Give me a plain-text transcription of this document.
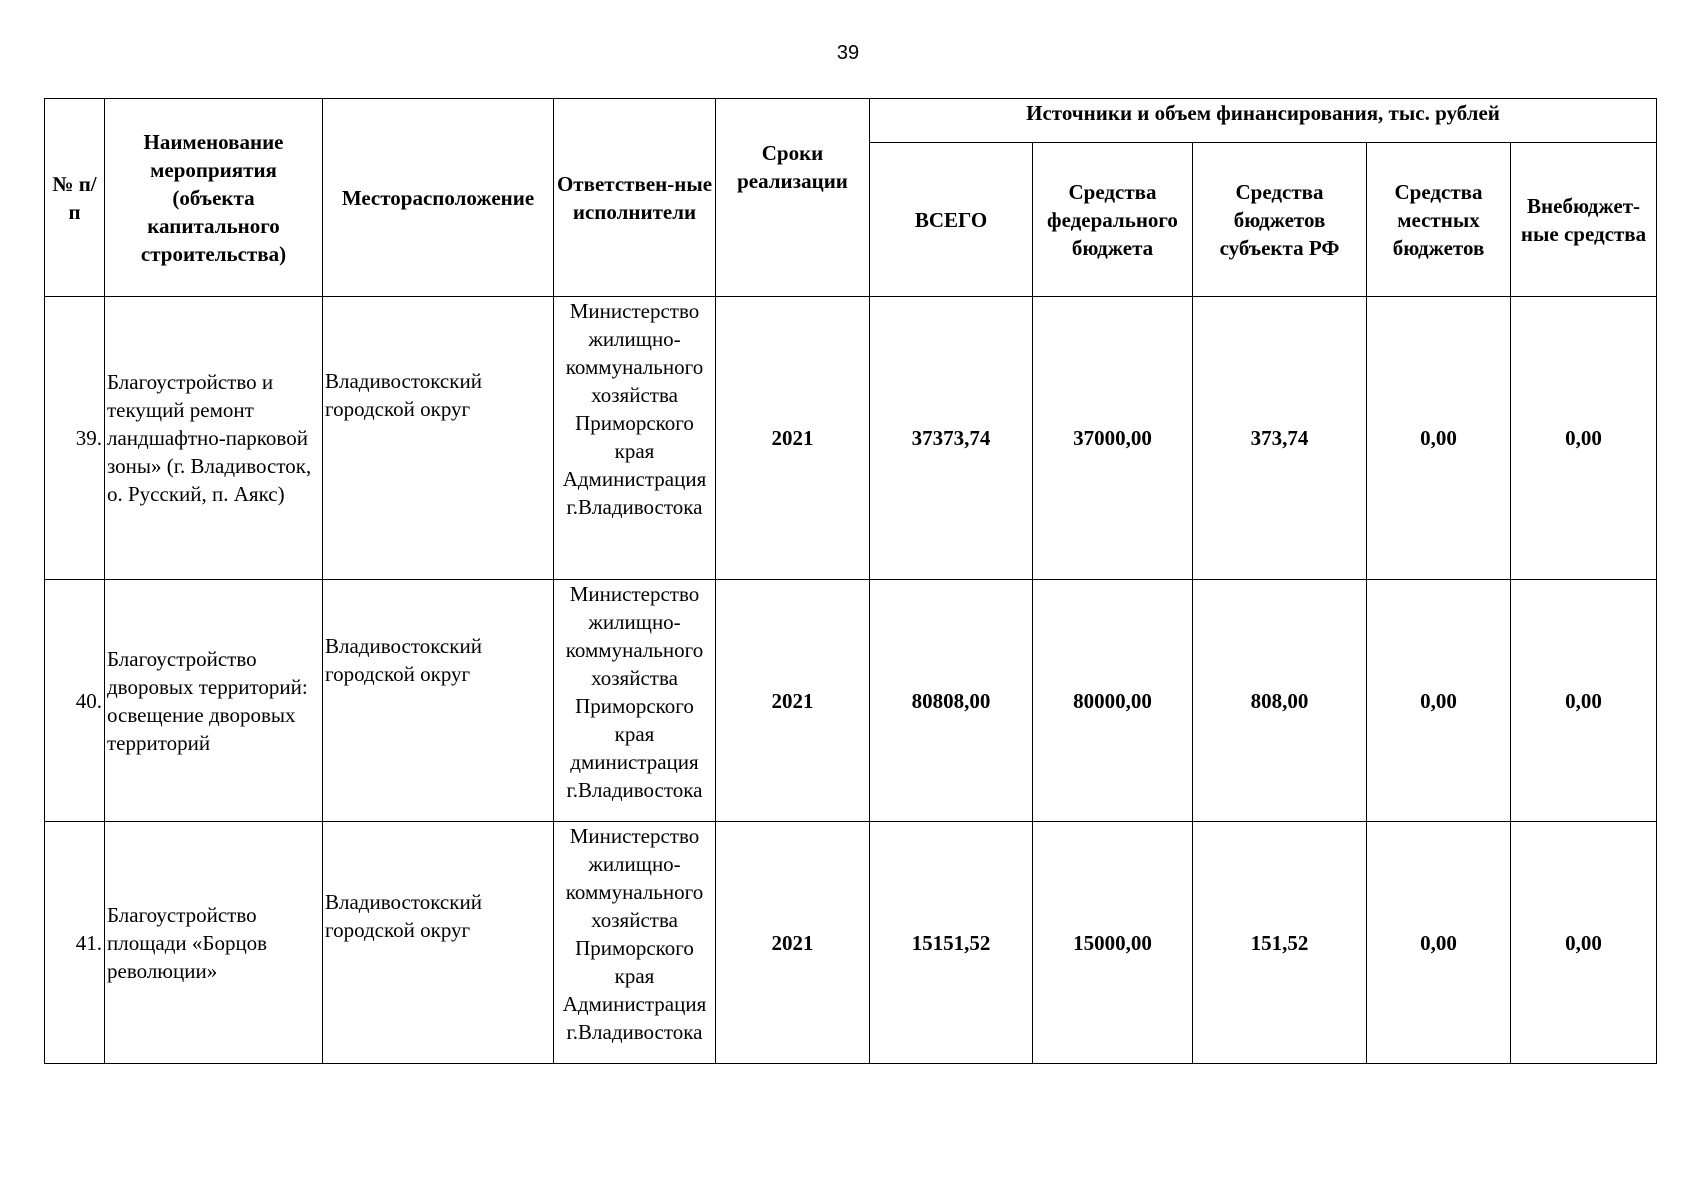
39
№ п/п	Наименование мероприятия (объекта капитального строительства)	Месторасположение	Ответствен-ные исполнители	Сроки реализации	Источники и объем финансирования, тыс. рублей				
					ВСЕГО	Средства федерального бюджета	Средства бюджетов субъекта РФ	Средства местных бюджетов	Внебюджет-ные средства
39.	Благоустройство и текущий ремонт ландшафтно-парковой зоны» (г. Владивосток, о. Русский, п. Аякс)	Владивостокский городской округ	Министерство жилищно-коммунального хозяйства Приморского края Администрация г.Владивостока	2021	37373,74	37000,00	373,74	0,00	0,00
40.	Благоустройство дворовых территорий: освещение дворовых территорий	Владивостокский городской округ	Министерство жилищно-коммунального хозяйства Приморского края дминистрация г.Владивостока	2021	80808,00	80000,00	808,00	0,00	0,00
41.	Благоустройство площади «Борцов революции»	Владивостокский городской округ	Министерство жилищно-коммунального хозяйства Приморского края Администрация г.Владивостока	2021	15151,52	15000,00	151,52	0,00	0,00
